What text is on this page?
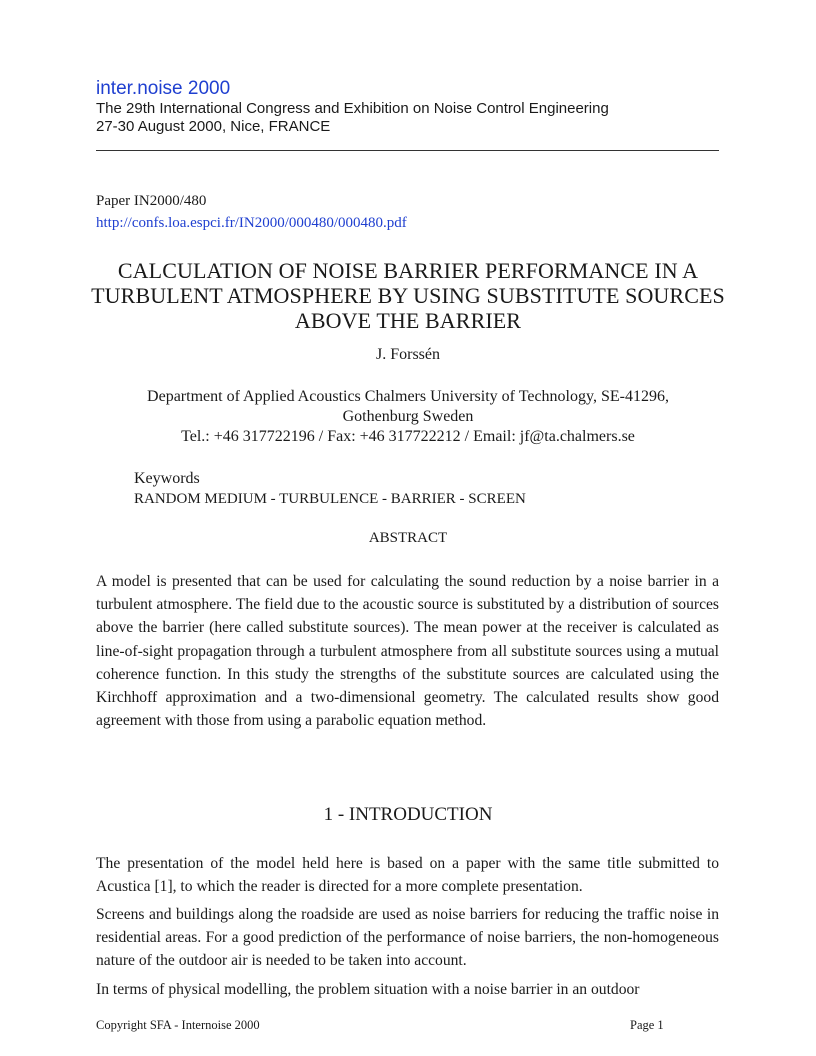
inter.noise 2000
The 29th International Congress and Exhibition on Noise Control Engineering
27-30 August 2000, Nice, FRANCE
Paper IN2000/480
http://confs.loa.espci.fr/IN2000/000480/000480.pdf
CALCULATION OF NOISE BARRIER PERFORMANCE IN A TURBULENT ATMOSPHERE BY USING SUBSTITUTE SOURCES ABOVE THE BARRIER
J. Forssén
Department of Applied Acoustics Chalmers University of Technology, SE-41296,
Gothenburg Sweden
Tel.: +46 317722196 / Fax: +46 317722212 / Email: jf@ta.chalmers.se
Keywords
RANDOM MEDIUM - TURBULENCE - BARRIER - SCREEN
ABSTRACT
A model is presented that can be used for calculating the sound reduction by a noise barrier in a turbulent atmosphere. The field due to the acoustic source is substituted by a distribution of sources above the barrier (here called substitute sources). The mean power at the receiver is calculated as line-of-sight propagation through a turbulent atmosphere from all substitute sources using a mutual coherence function. In this study the strengths of the substitute sources are calculated using the Kirchhoff approximation and a two-dimensional geometry. The calculated results show good agreement with those from using a parabolic equation method.
1 - INTRODUCTION
The presentation of the model held here is based on a paper with the same title submitted to Acustica [1], to which the reader is directed for a more complete presentation.
Screens and buildings along the roadside are used as noise barriers for reducing the traffic noise in residential areas. For a good prediction of the performance of noise barriers, the non-homogeneous nature of the outdoor air is needed to be taken into account.
In terms of physical modelling, the problem situation with a noise barrier in an outdoor
Copyright SFA - Internoise 2000	Page 1
